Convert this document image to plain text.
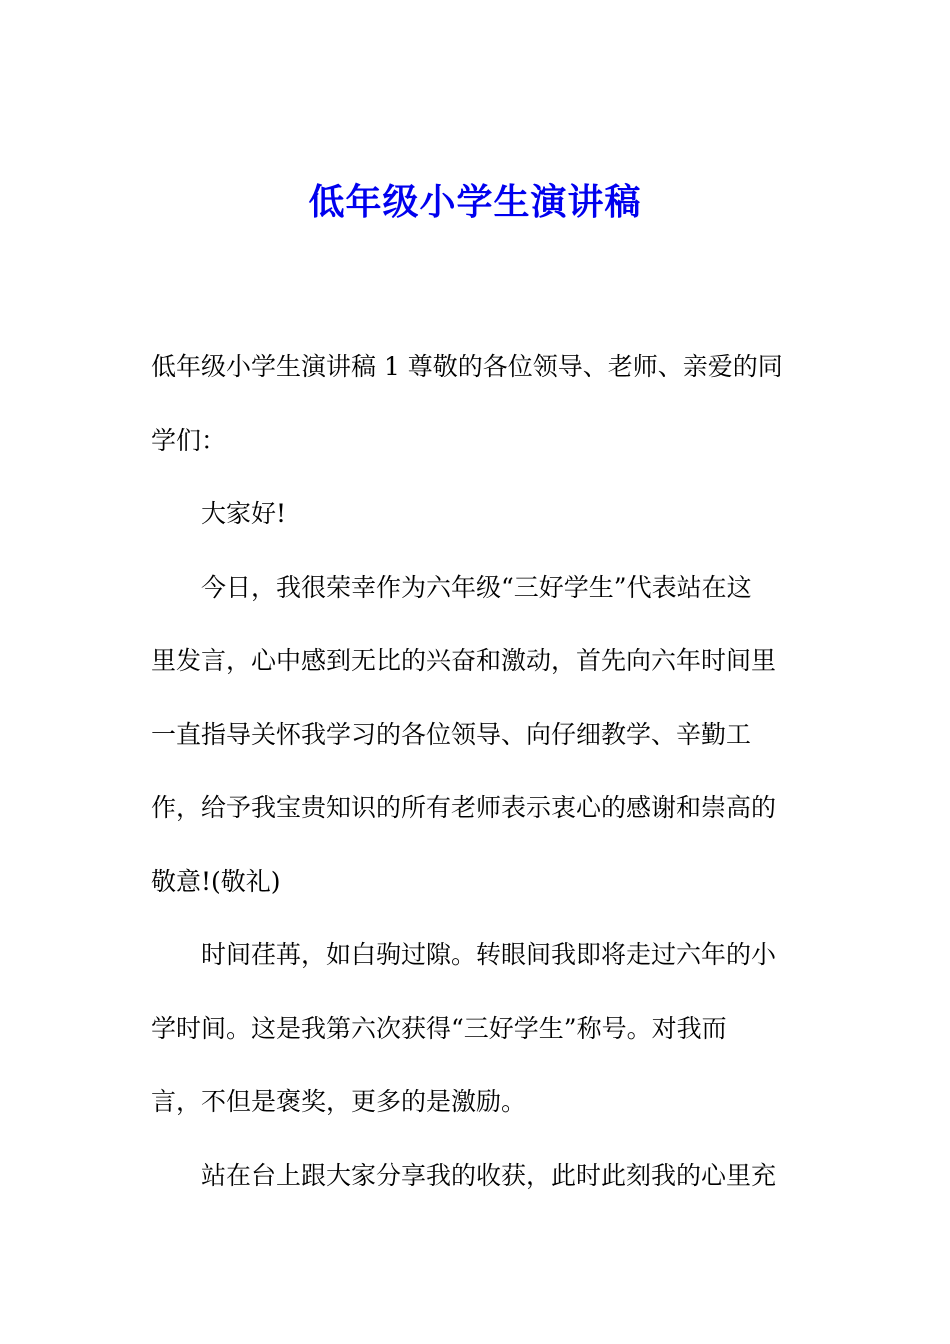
低年级小学生演讲稿
低年级小学生演讲稿 1 尊敬的各位领导、老师、亲爱的同
学们：
大家好!
今日，我很荣幸作为六年级“三好学生”代表站在这
里发言，心中感到无比的兴奋和激动，首先向六年时间里
一直指导关怀我学习的各位领导、向仔细教学、辛勤工
作，给予我宝贵知识的所有老师表示衷心的感谢和崇高的
敬意!(敬礼)
时间荏苒，如白驹过隙。转眼间我即将走过六年的小
学时间。这是我第六次获得“三好学生”称号。对我而
言，不但是褒奖，更多的是激励。
站在台上跟大家分享我的收获，此时此刻我的心里充
